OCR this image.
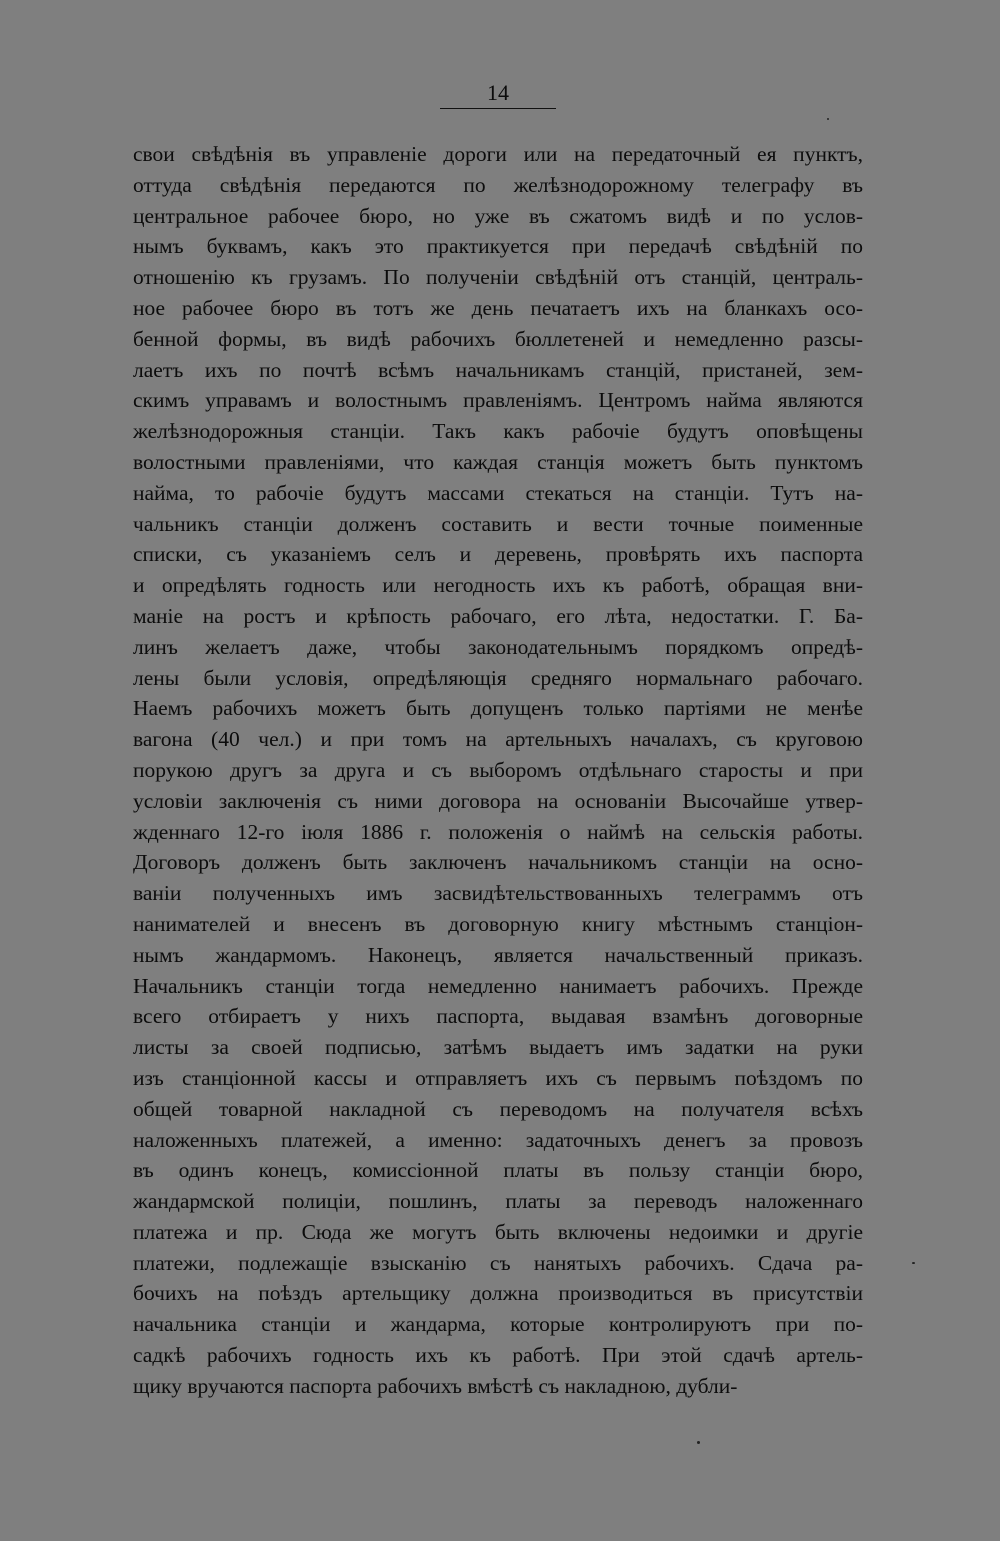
14
свои свѣдѣнія въ управленіе дороги или на передаточный ея пунктъ,
оттуда свѣдѣнія передаются по желѣзнодорожному телеграфу въ
центральное рабочее бюро, но уже въ сжатомъ видѣ и по услов-
нымъ буквамъ, какъ это практикуется при передачѣ свѣдѣній по
отношенію къ грузамъ. По полученіи свѣдѣній отъ станцій, централь-
ное рабочее бюро въ тотъ же день печатаетъ ихъ на бланкахъ осо-
бенной формы, въ видѣ рабочихъ бюллетеней и немедленно разсы-
лаетъ ихъ по почтѣ всѣмъ начальникамъ станцій, пристаней, зем-
скимъ управамъ и волостнымъ правленіямъ. Центромъ найма являются
желѣзнодорожныя станціи. Такъ какъ рабочіе будутъ оповѣщены
волостными правленіями, что каждая станція можетъ быть пунктомъ
найма, то рабочіе будутъ массами стекаться на станціи. Тутъ на-
чальникъ станціи долженъ составить и вести точные поименные
списки, съ указаніемъ селъ и деревень, провѣрять ихъ паспорта
и опредѣлять годность или негодность ихъ къ работѣ, обращая вни-
маніе на ростъ и крѣпость рабочаго, его лѣта, недостатки. Г. Ба-
линъ желаетъ даже, чтобы законодательнымъ порядкомъ опредѣ-
лены были условія, опредѣляющія средняго нормальнаго рабочаго.
Наемъ рабочихъ можетъ быть допущенъ только партіями не менѣе
вагона (40 чел.) и при томъ на артельныхъ началахъ, съ круговою
порукою другъ за друга и съ выборомъ отдѣльнаго старосты и при
условіи заключенія съ ними договора на основаніи Высочайше утвер-
жденнаго 12-го іюля 1886 г. положенія о наймѣ на сельскія работы.
Договоръ долженъ быть заключенъ начальникомъ станціи на осно-
ваніи полученныхъ имъ засвидѣтельствованныхъ телеграммъ отъ
нанимателей и внесенъ въ договорную книгу мѣстнымъ станціон-
нымъ жандармомъ. Наконецъ, является начальственный приказъ.
Начальникъ станціи тогда немедленно нанимаетъ рабочихъ. Прежде
всего отбираетъ у нихъ паспорта, выдавая взамѣнъ договорные
листы за своей подписью, затѣмъ выдаетъ имъ задатки на руки
изъ станціонной кассы и отправляетъ ихъ съ первымъ поѣздомъ по
общей товарной накладной съ переводомъ на получателя всѣхъ
наложенныхъ платежей, а именно: задаточныхъ денегъ за провозъ
въ одинъ конецъ, комиссіонной платы въ пользу станціи бюро,
жандармской полиціи, пошлинъ, платы за переводъ наложеннаго
платежа и пр. Сюда же могутъ быть включены недоимки и другіе
платежи, подлежащіе взысканію съ нанятыхъ рабочихъ. Сдача ра-
бочихъ на поѣздъ артельщику должна производиться въ присутствіи
начальника станціи и жандарма, которые контролируютъ при по-
садкѣ рабочихъ годность ихъ къ работѣ. При этой сдачѣ артель-
щику вручаются паспорта рабочихъ вмѣстѣ съ накладною, дубли-
